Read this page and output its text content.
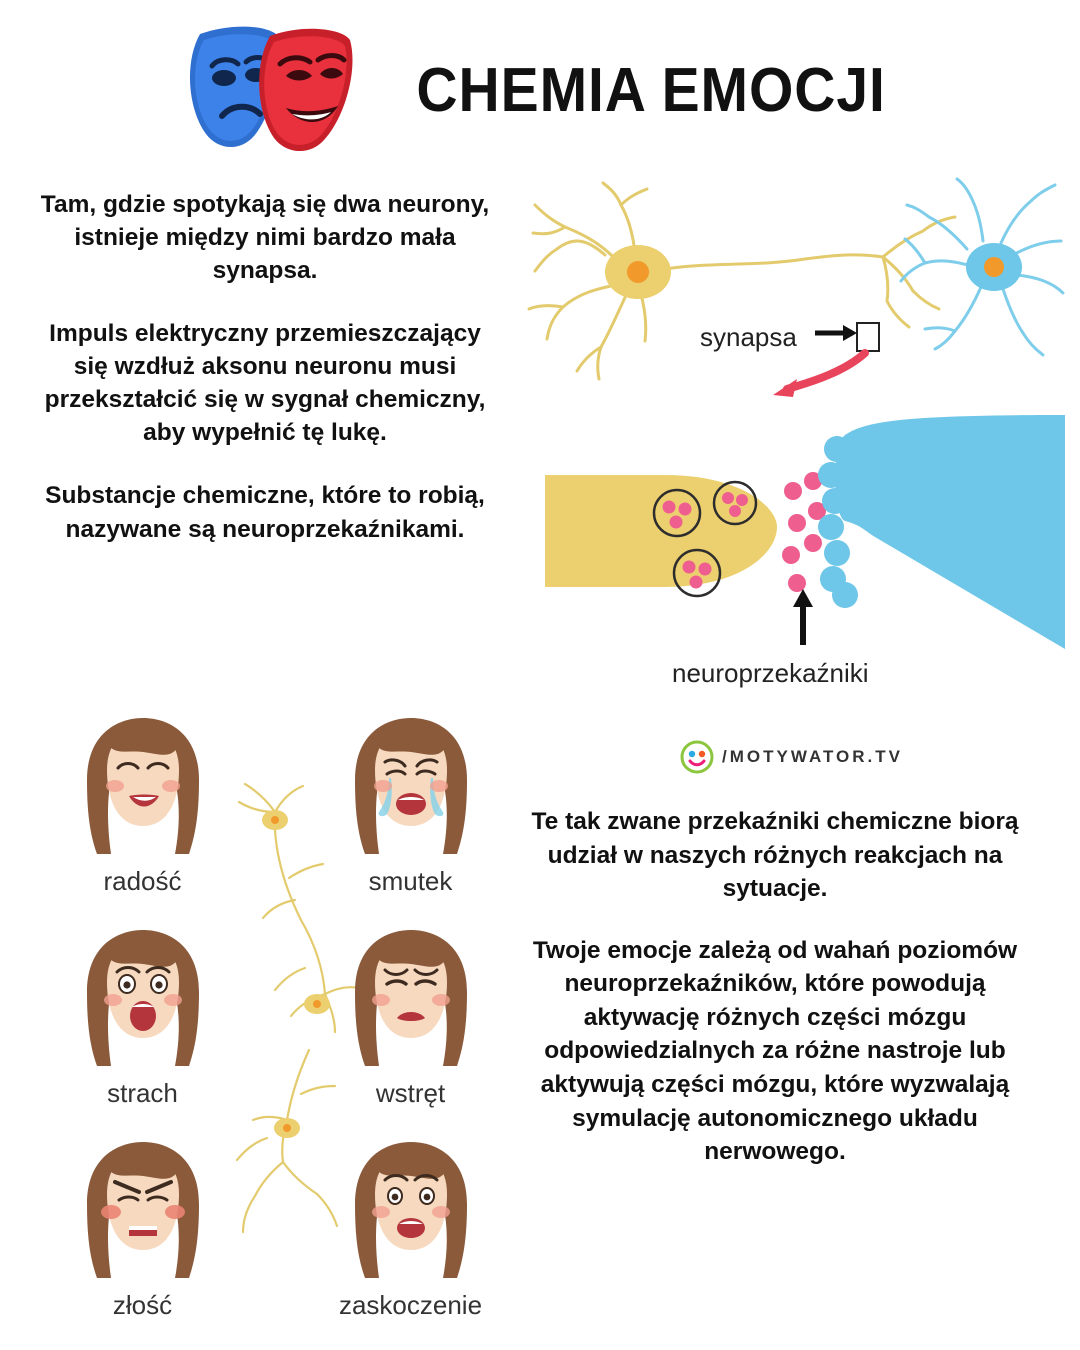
CHEMIA EMOCJI

Tam, gdzie spotykają się dwa neurony, istnieje między nimi bardzo mała synapsa.

Impuls elektryczny przemieszczający się wzdłuż aksonu neuronu musi przekształcić się w sygnał chemiczny, aby wypełnić tę lukę.

Substancje chemiczne, które to robią, nazywane są neuroprzekaźnikami.

synapsa
neuroprzekaźniki
/MOTYWATOR.TV

Te tak zwane przekaźniki chemiczne biorą udział w naszych różnych reakcjach na sytuacje.

Twoje emocje zależą od wahań poziomów neuroprzekaźników, które powodują aktywację różnych części mózgu odpowiedzialnych za różne nastroje lub aktywują części mózgu, które wyzwalają symulację autonomicznego układu nerwowego.

radość	smutek
strach	wstręt
złość	zaskoczenie
